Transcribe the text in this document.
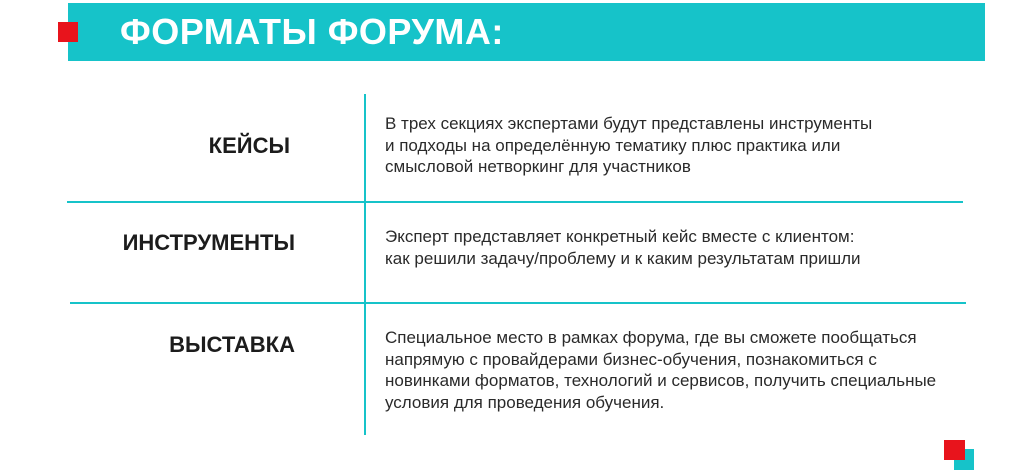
ФОРМАТЫ ФОРУМА:
КЕЙСЫ
В трех секциях экспертами будут представлены инструменты
и подходы на определённую тематику плюс практика или
смысловой нетворкинг для участников
ИНСТРУМЕНТЫ	Эксперт представляет конкретный кейс вместе с клиентом:
как решили задачу/проблему и к каким результатам пришли
ВЫСТАВКА	Специальное место в рамках форума, где вы сможете пообщаться
напрямую с провайдерами бизнес-обучения, познакомиться с
новинками форматов, технологий и сервисов, получить специальные
условия для проведения обучения.
